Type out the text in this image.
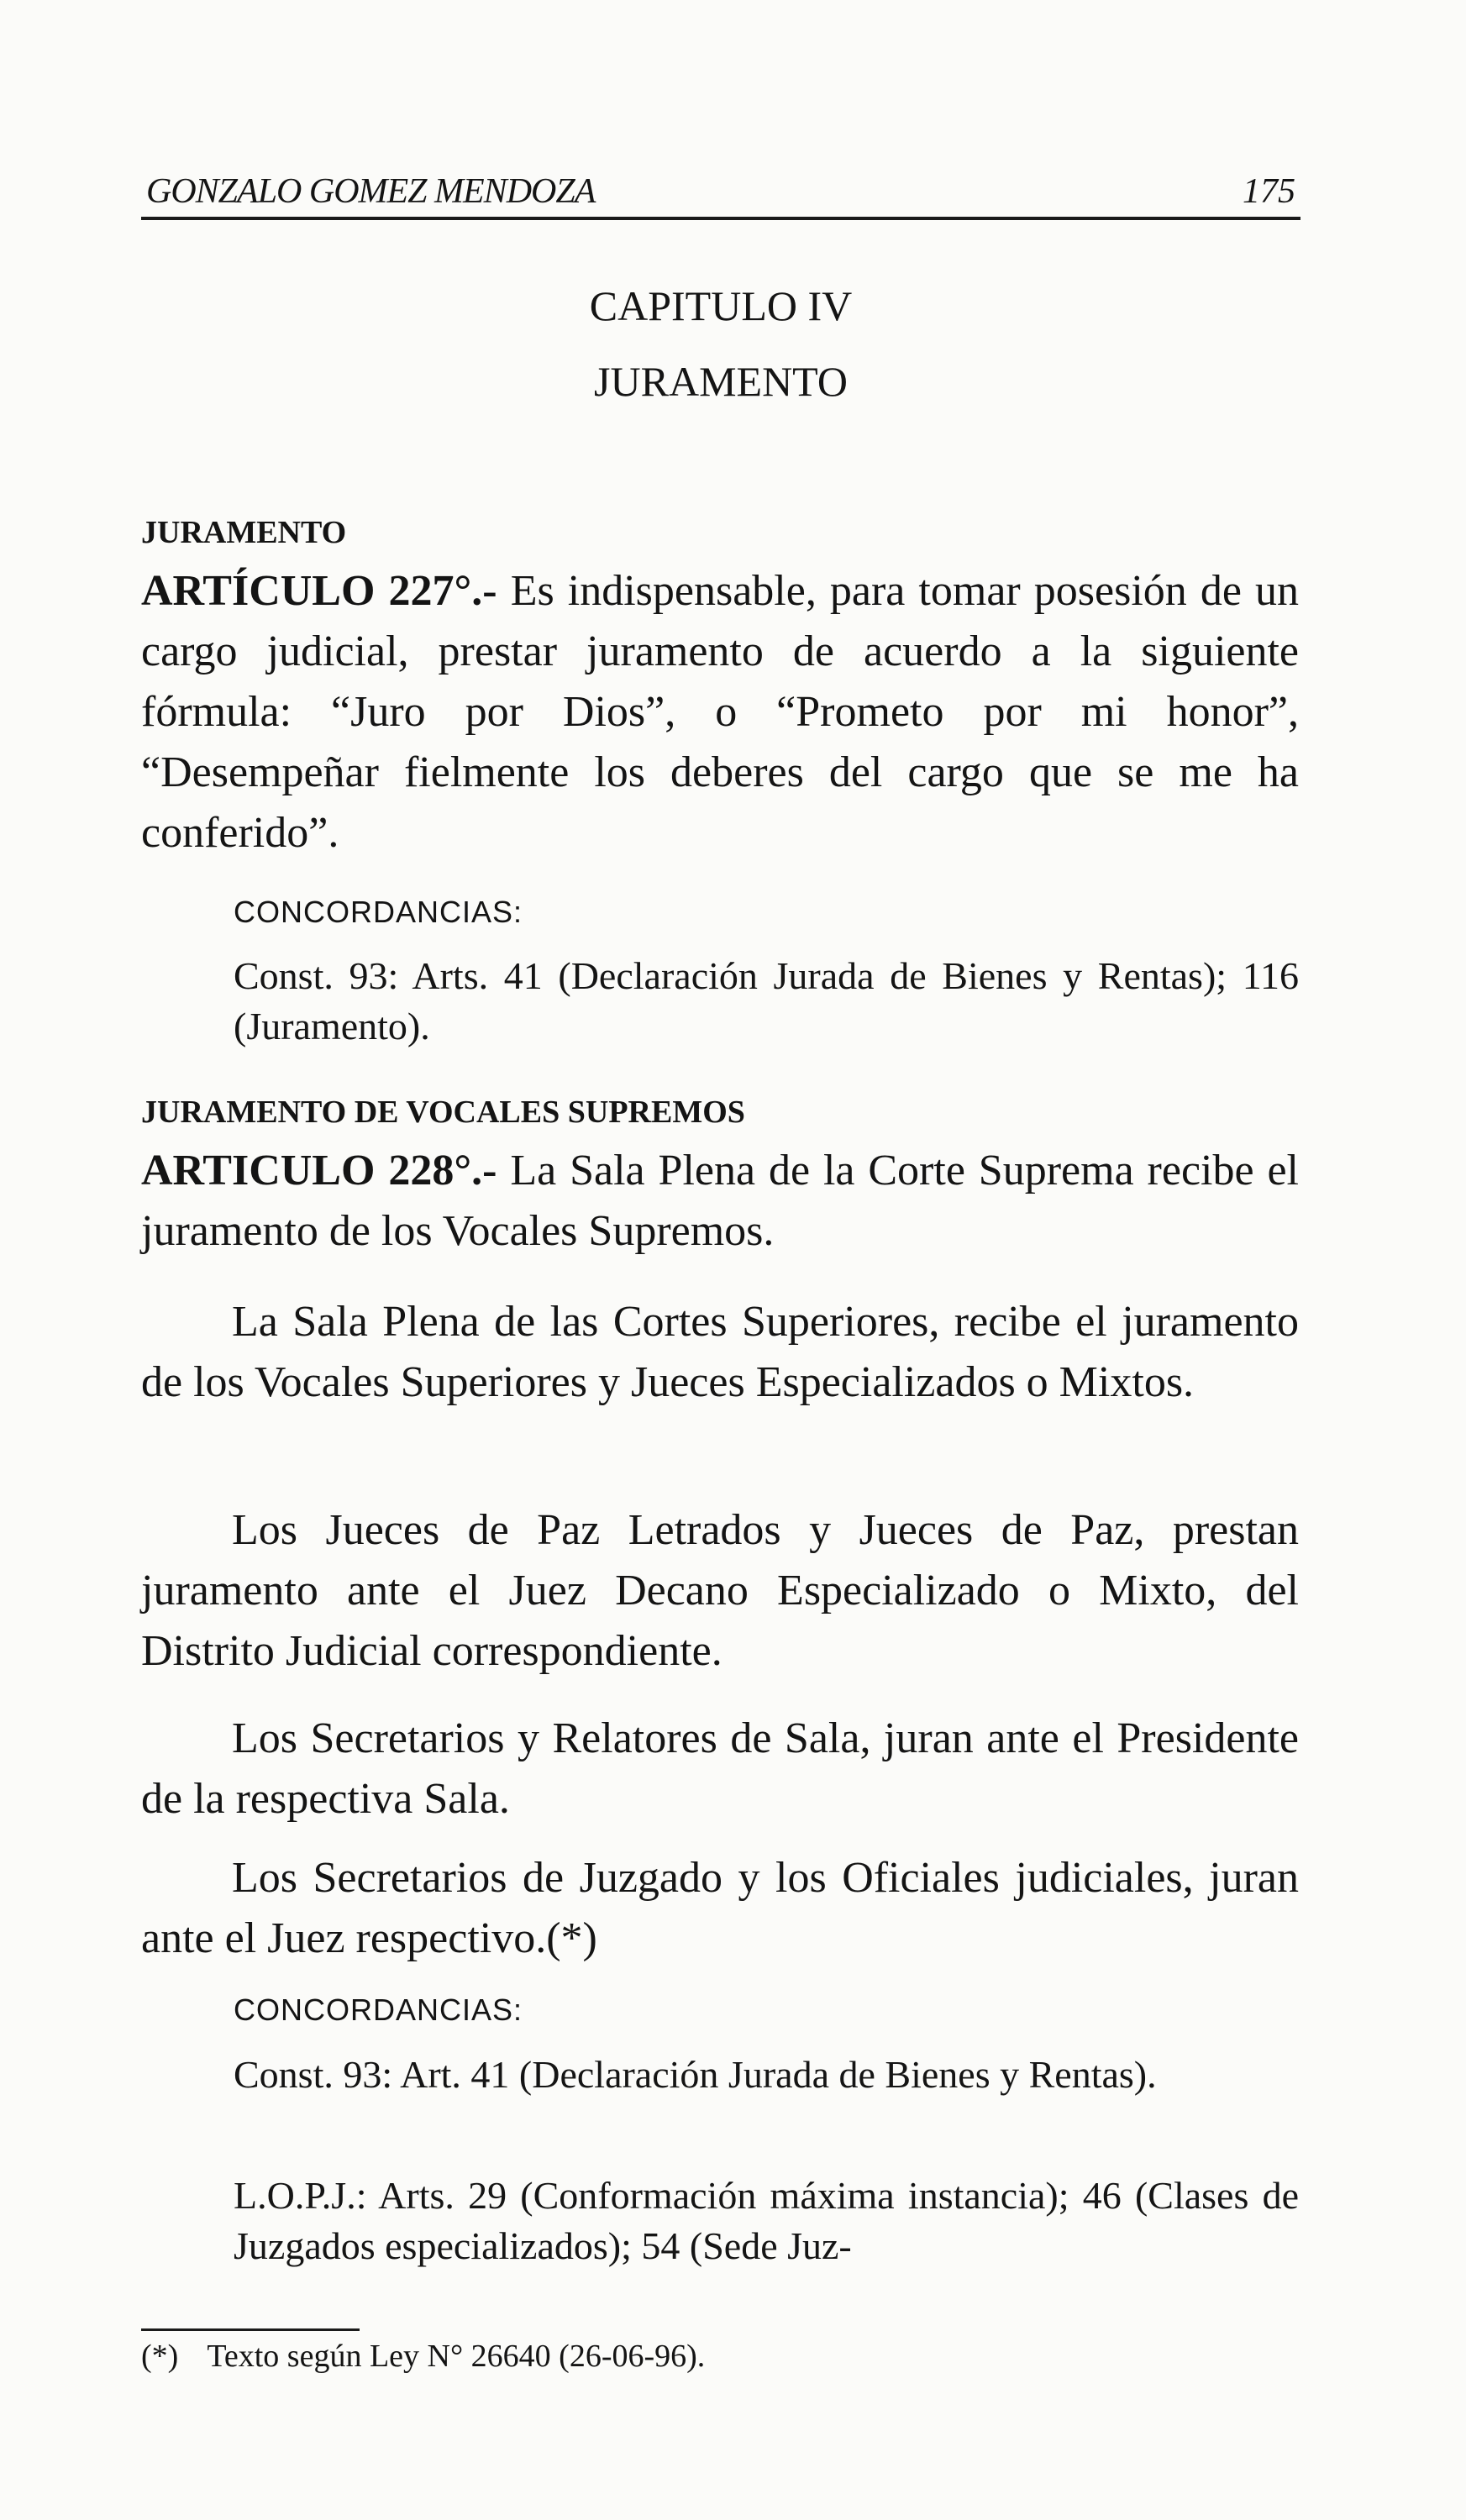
GONZALO GOMEZ MENDOZA	175
CAPITULO IV
JURAMENTO
JURAMENTO
ARTÍCULO 227°.- Es indispensable, para tomar posesión de un cargo judicial, prestar juramento de acuerdo a la siguiente fórmula: “Juro por Dios”, o “Prometo por mi honor”, “Desempeñar fielmente los deberes del cargo que se me ha conferido”.
CONCORDANCIAS:
Const. 93: Arts. 41 (Declaración Jurada de Bienes y Rentas); 116 (Juramento).
JURAMENTO DE VOCALES SUPREMOS
ARTICULO 228°.- La Sala Plena de la Corte Suprema recibe el juramento de los Vocales Supremos.
La Sala Plena de las Cortes Superiores, recibe el juramento de los Vocales Superiores y Jueces Especializados o Mixtos.
Los Jueces de Paz Letrados y Jueces de Paz, prestan juramento ante el Juez Decano Especializado o Mixto, del Distrito Judicial correspondiente.
Los Secretarios y Relatores de Sala, juran ante el Presidente de la respectiva Sala.
Los Secretarios de Juzgado y los Oficiales judiciales, juran ante el Juez respectivo.(*)
CONCORDANCIAS:
Const. 93: Art. 41 (Declaración Jurada de Bienes y Rentas).
L.O.P.J.: Arts. 29 (Conformación máxima instancia); 46 (Clases de Juzgados especializados); 54 (Sede Juz-
(*) Texto según Ley N° 26640 (26-06-96).
